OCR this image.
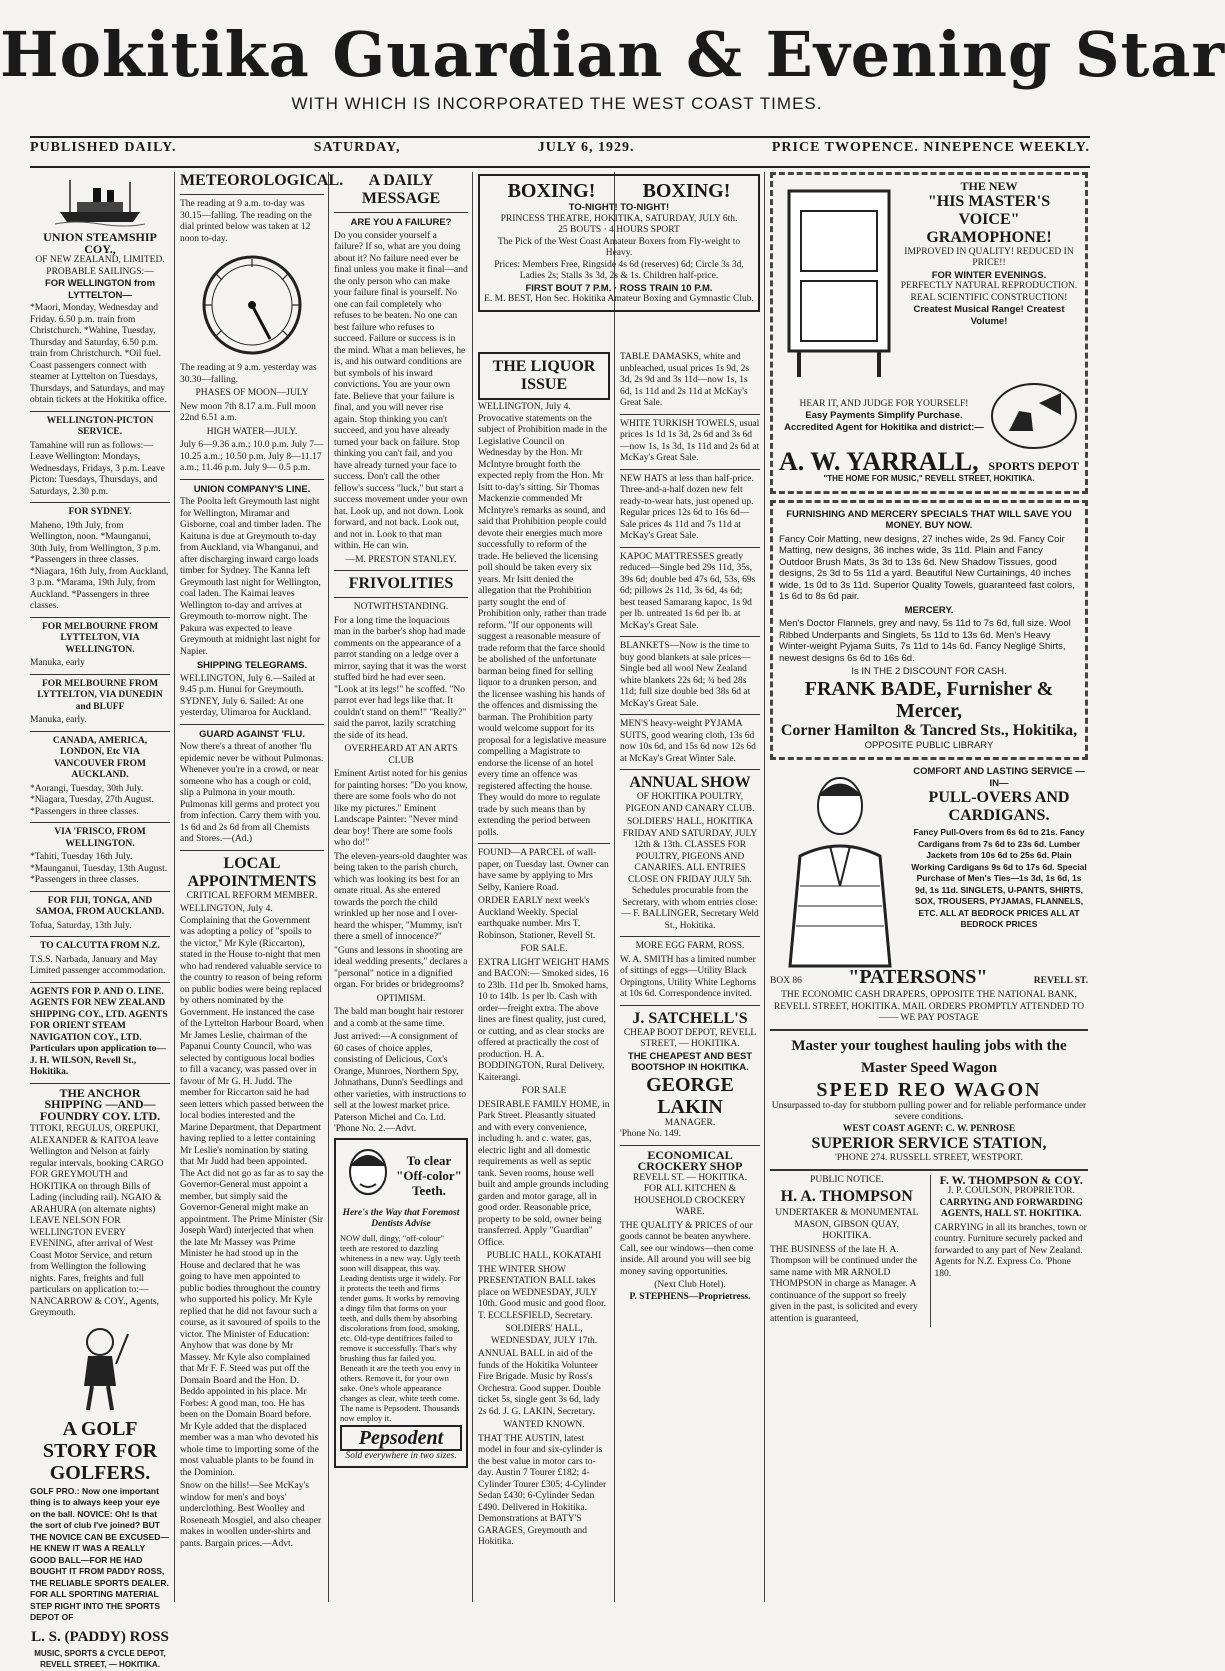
Hokitika Guardian & Evening Star
WITH WHICH IS INCORPORATED THE WEST COAST TIMES.
PUBLISHED DAILY.	SATURDAY,	JULY 6, 1929.	PRICE TWOPENCE. NINEPENCE WEEKLY.
UNION STEAMSHIP COY.,
OF NEW ZEALAND, LIMITED.
PROBABLE SAILINGS:—
FOR WELLINGTON from LYTTELTON—

*Maori, Monday, Wednesday and Friday. 6.50 p.m. train from Christchurch. *Wahine, Tuesday, Thursday and Saturday, 6.50 p.m. train from Christchurch. *Oil fuel. Coast passengers connect with steamer at Lyttelton on Tuesdays, Thursdays, and Saturdays, and may obtain tickets at the Hokitika office.

WELLINGTON-PICTON SERVICE.

Tamahine will run as follows:— Leave Wellington: Mondays, Wednesdays, Fridays, 3 p.m. Leave Picton: Tuesdays, Thursdays, and Saturdays, 2.30 p.m.

FOR SYDNEY.

Maheno, 19th July, from Wellington, noon. *Maunganui, 30th July, from Wellington, 3 p.m. *Passengers in three classes. *Niagara, 16th July, from Auckland, 3 p.m. *Marama, 19th July, from Auckland. *Passengers in three classes.

FOR MELBOURNE FROM LYTTELTON, VIA WELLINGTON.

Manuka, early

FOR MELBOURNE FROM LYTTELTON, VIA DUNEDIN and BLUFF

Manuka, early.

CANADA, AMERICA, LONDON, Etc VIA VANCOUVER FROM AUCKLAND.

*Aorangi, Tuesday, 30th July. *Niagara, Tuesday, 27th August. *Passengers in three classes.

VIA 'FRISCO, FROM WELLINGTON.

*Tahiti, Tuesday 16th July. *Maunganui, Tuesday, 13th August. *Passengers in three classes.

FOR FIJI, TONGA, AND SAMOA, FROM AUCKLAND.

Tofua, Saturday, 13th July.

TO CALCUTTA FROM N.Z.

T.S.S. Narbada, January and May Limited passenger accommodation.

AGENTS FOR P. AND O. LINE. AGENTS FOR NEW ZEALAND SHIPPING COY., LTD. AGENTS FOR ORIENT STEAM NAVIGATION COY., LTD. Particulars upon application to— J. H. WILSON, Revell St., Hokitika.

THE ANCHOR SHIPPING —AND— FOUNDRY COY. LTD.

TITOKI, REGULUS, OREPUKI, ALEXANDER & KAITOA leave Wellington and Nelson at fairly regular intervals, booking CARGO FOR GREYMOUTH and HOKITIKA on through Bills of Lading (including rail). NGAIO & ARAHURA (on alternate nights) LEAVE NELSON FOR WELLINGTON EVERY EVENING, after arrival of West Coast Motor Service, and return from Wellington the following nights. Fares, freights and full particulars on application to:— NANCARROW & COY., Agents, Greymouth.

A GOLF STORY FOR GOLFERS.

GOLF PRO.: Now one important thing is to always keep your eye on the ball. NOVICE: Oh! Is that the sort of club I've joined? BUT THE NOVICE CAN BE EXCUSED—HE KNEW IT WAS A REALLY GOOD BALL—FOR HE HAD BOUGHT IT FROM PADDY ROSS, THE RELIABLE SPORTS DEALER. FOR ALL SPORTING MATERIAL STEP RIGHT INTO THE SPORTS DEPOT OF

L. S. (PADDY) ROSS
MUSIC, SPORTS & CYCLE DEPOT, REVELL STREET, — HOKITIKA.
METEOROLOGICAL.

The reading at 9 a.m. to-day was 30.15—falling. The reading on the dial printed below was taken at 12 noon to-day.

The reading at 9 a.m. yesterday was 30.30—falling.

PHASES OF MOON—JULY

New moon 7th 8.17 a.m. Full moon 22nd 6.51 a.m.

HIGH WATER—JULY.

July 6—9.36 a.m.; 10.0 p.m. July 7—10.25 a.m.; 10.50 p.m. July 8—11.17 a.m.; 11.46 p.m. July 9— 0.5 p.m.

UNION COMPANY'S LINE.

The Poolta left Greymouth last night for Wellington, Miramar and Gisborne, coal and timber laden. The Kaituna is due at Greymouth to-day from Auckland, via Whanganui, and after discharging inward cargo loads timber for Sydney. The Kanna left Greymouth last night for Wellington, coal laden. The Kaimai leaves Wellington to-day and arrives at Greymouth to-morrow night. The Pakura was expected to leave Greymouth at midnight last night for Napier.

SHIPPING TELEGRAMS.

WELLINGTON, July 6.—Sailed at 9.45 p.m. Hunui for Greymouth. SYDNEY, July 6. Sailed: At one yesterday, Ulimaroa for Auckland.

GUARD AGAINST 'FLU.

Now there's a threat of another 'flu epidemic never be without Pulmonas. Whenever you're in a crowd, or near someone who has a cough or cold, slip a Pulmona in your mouth. Pulmonas kill germs and protect you from infection. Carry them with you. 1s 6d and 2s 6d from all Chemists and Stores.—(Ad.)

LOCAL APPOINTMENTS
CRITICAL REFORM MEMBER.

WELLINGTON, July 4. Complaining that the Government was adopting a policy of "spoils to the victor," Mr Kyle (Riccarton), stated in the House to-night that men who had rendered valuable service to the country to reason of being reform on public bodies were being replaced by others nominated by the Government. He instanced the case of the Lyttelton Harbour Board, when Mr James Leslie, chairman of the Papanui County Council, who was selected by contiguous local bodies to fill a vacancy, was passed over in favour of Mr G. H. Judd. The member for Riccarton said he had seen letters which passed between the local bodies interested and the Marine Department, that Department having replied to a letter containing Mr Leslie's nomination by stating that Mr Judd had been appointed. The Act did not go as far as to say the Governor-General must appoint a member, but simply said the Governor-General might make an appointment. The Prime Minister (Sir Joseph Ward) interjected that when the late Mr Massey was Prime Minister he had stood up in the House and declared that he was going to have men appointed to public bodies throughout the country who supported his policy. Mr Kyle replied that he did not favour such a course, as it savoured of spoils to the victor. The Minister of Education: Anyhow that was done by Mr Massey. Mr Kyle also complained that Mr F. F. Steed was put off the Domain Board and the Hon. D. Beddo appointed in his place. Mr Forbes: A good man, too. He has been on the Domain Board before. Mr Kyle added that the displaced member was a man who devoted his whole time to importing some of the most valuable plants to be found in the Dominion.

Snow on the hills!—See McKay's window for men's and boys' underclothing. Best Woolley and Roseneath Mosgiel, and also cheaper makes in woollen under-shirts and pants. Bargain prices.—Advt.

A DAILY MESSAGE
ARE YOU A FAILURE?

Do you consider yourself a failure? If so, what are you doing about it? No failure need ever be final unless you make it final—and the only person who can make your failure final is yourself. No one can fail completely who refuses to be beaten. No one can best failure who refuses to succeed. Failure or success is in the mind. What a man believes, he is, and his outward conditions are but symbols of his inward convictions. You are your own fate. Believe that your failure is final, and you will never rise again. Stop thinking you can't succeed, and you have already turned your back on failure. Stop thinking you can't fail, and you have already turned your face to success. Don't call the other fellow's success "luck," but start a success movement under your own hat. Look up, and not down. Look forward, and not back. Look out, and not in. Look to that man within. He can win.

—M. PRESTON STANLEY.
FRIVOLITIES
NOTWITHSTANDING.

For a long time the loquacious man in the barber's shop had made comments on the appearance of a parrot standing on a ledge over a mirror, saying that it was the worst stuffed bird he had ever seen. "Look at its legs!" he scoffed. "No parrot ever had legs like that. It couldn't stand on them!" "Really?" said the parrot, lazily scratching the side of its head.

OVERHEARD AT AN ARTS CLUB

Eminent Artist noted for his genius for painting horses: "Do you know, there are some fools who do not like my pictures." Eminent Landscape Painter: "Never mind dear boy! There are some fools who do!"

The eleven-years-old daughter was being taken to the parish church, which was looking its best for an ornate ritual. As she entered towards the porch the child wrinkled up her nose and I over-heard the whisper, "Mummy, isn't there a smell of innocence?"

"Guns and lessons in shooting are ideal wedding presents," declares a "personal" notice in a dignified organ. For brides or bridegrooms?

OPTIMISM.

The bald man bought hair restorer and a comb at the same time.

Just arrived:—A consignment of 60 cases of choice apples, consisting of Delicious, Cox's Orange, Munroes, Northern Spy, Johnathans, Dunn's Seedlings and other varieties, with instructions to sell at the lowest market price. Paterson Michel and Co. Ltd. 'Phone No. 2.—Advt.

To clear
"Off-color"
Teeth.
Here's the Way that Foremost Dentists Advise

NOW dull, dingy, "off-colour" teeth are restored to dazzling whiteness in a new way. Ugly teeth soon will disappear, this way. Leading dentists urge it widely. For it protects the teeth and firms tender gums. It works by removing a dingy film that forms on your teeth, and dulls them by absorbing discolorations from food, smoking, etc. Old-type dentifrices failed to remove it successfully. That's why brushing thus far failed you. Beneath it are the teeth you envy in others. Remove it, for your own sake. One's whole appearance changes as clear, white teeth come. The name is Pepsodent. Thousands now employ it.

Pepsodent
Sold everywhere in two sizes.
BOXING! BOXING!
TO-NIGHT! TO-NIGHT!
PRINCESS THEATRE, HOKITIKA, SATURDAY, JULY 6th.
25 BOUTS · 4 HOURS SPORT
The Pick of the West Coast Amateur Boxers from Fly-weight to Heavy.
Prices: Members Free, Ringside 4s 6d (reserves) 6d; Circle 3s 3d, Ladies 2s; Stalls 3s 3d, 2s & 1s. Children half-price.
FIRST BOUT 7 P.M. · ROSS TRAIN 10 P.M.
E. M. BEST, Hon Sec. Hokitika Amateur Boxing and Gymnastic Club.
THE LIQUOR ISSUE

WELLINGTON, July 4. Provocative statements on the subject of Prohibition made in the Legislative Council on Wednesday by the Hon. Mr McIntyre brought forth the expected reply from the Hon. Mr Isitt to-day's sitting. Sir Thomas Mackenzie commended Mr McIntyre's remarks as sound, and said that Prohibition people could devote their energies much more successfully to reform of the trade. He believed the licensing poll should be taken every six years. Mr Isitt denied the allegation that the Prohibition party sought the end of Prohibition only, rather than trade reform. "If our opponents will suggest a reasonable measure of trade reform that the farce should be abolished of the unfortunate barman being fined for selling liquor to a drunken person, and the licensee washing his hands of the offences and dismissing the barman. The Prohibition party would welcome support for its proposal for a legislative measure compelling a Magistrate to endorse the license of an hotel every time an offence was registered affecting the house. They would do more to regulate trade by such means than by extending the period between polls.

FOUND—A PARCEL of wall-paper, on Tuesday last. Owner can have same by applying to Mrs Selby, Kaniere Road.

ORDER EARLY next week's Auckland Weekly. Special earthquake number. Mrs T. Robinson, Stationer, Revell St.

FOR SALE.

EXTRA LIGHT WEIGHT HAMS and BACON:— Smoked sides, 16 to 23lb. 11d per lb. Smoked hams, 10 to 14lb. 1s per lb. Cash with order—freight extra. The above lines are finest quality, just cured, or cutting, and as clear stocks are offered at practically the cost of production. H. A. BODDINGTON, Rural Delivery, Kaiterangi.

FOR SALE

DESIRABLE FAMILY HOME, in Park Street. Pleasantly situated and with every convenience, including h. and c. water, gas, electric light and all domestic requirements as well as septic tank. Seven rooms, house well built and ample grounds including garden and motor garage, all in good order. Reasonable price, property to be sold, owner being transferred. Apply "Guardian" Office.

PUBLIC HALL, KOKATAHI

THE WINTER SHOW PRESENTATION BALL takes place on WEDNESDAY, JULY 10th. Good music and good floor. T. ECCLESFIELD, Secretary.

SOLDIERS' HALL, WEDNESDAY, JULY 17th.

ANNUAL BALL in aid of the funds of the Hokitika Volunteer Fire Brigade. Music by Ross's Orchestra. Good supper. Double ticket 5s, single gent 3s 6d, lady 2s 6d. J. G. LAKIN, Secretary.

WANTED KNOWN.

THAT THE AUSTIN, latest model in four and six-cylinder is the best value in motor cars to-day. Austin 7 Tourer £182; 4-Cylinder Tourer £305; 4-Cylinder Sedan £430; 6-Cylinder Sedan £490. Delivered in Hokitika. Demonstrations at BATY'S GARAGES, Greymouth and Hokitika.

TABLE DAMASKS, white and unbleached, usual prices 1s 9d, 2s 3d, 2s 9d and 3s 11d—now 1s, 1s 6d, 1s 11d and 2s 11d at McKay's Great Sale.

WHITE TURKISH TOWELS, usual prices 1s 1d 1s 3d, 2s 6d and 3s 6d—now 1s, 1s 3d, 1s 11d and 2s 6d at McKay's Great Sale.

NEW HATS at less than half-price. Three-and-a-half dozen new felt ready-to-wear hats, just opened up. Regular prices 12s 6d to 16s 6d—Sale prices 4s 11d and 7s 11d at McKay's Great Sale.

KAPOC MATTRESSES greatly reduced—Single bed 29s 11d, 35s, 39s 6d; double bed 47s 6d, 53s, 69s 6d; pillows 2s 11d, 3s 6d, 4s 6d; best teased Samarang kapoc, 1s 9d per lb. untreated 1s 6d per lb. at McKay's Great Sale.

BLANKETS—Now is the time to buy good blankets at sale prices—Single bed all wool New Zealand white blankets 22s 6d; ¾ bed 28s 11d; full size double bed 38s 6d at McKay's Great Sale.

MEN'S heavy-weight PYJAMA SUITS, good wearing cloth, 13s 6d now 10s 6d, and 15s 6d now 12s 6d at McKay's Great Winter Sale.

ANNUAL SHOW
OF HOKITIKA POULTRY, PIGEON AND CANARY CLUB.

SOLDIERS' HALL, HOKITIKA FRIDAY AND SATURDAY, JULY 12th & 13th. CLASSES FOR POULTRY, PIGEONS AND CANARIES. ALL ENTRIES CLOSE ON FRIDAY JULY 5th. Schedules procurable from the Secretary, with whom entries close:— F. BALLINGER, Secretary Weld St., Hokitika.

MORE EGG FARM, ROSS.

W. A. SMITH has a limited number of sittings of eggs—Utility Black Orpingtons, Utility White Leghorns at 10s 6d. Correspondence invited.

J. SATCHELL'S
CHEAP BOOT DEPOT, REVELL STREET, — HOKITIKA.
THE CHEAPEST AND BEST BOOTSHOP IN HOKITIKA.
GEORGE LAKIN
MANAGER.
'Phone No. 149.
ECONOMICAL CROCKERY SHOP
REVELL ST. — HOKITIKA.
FOR ALL KITCHEN & HOUSEHOLD CROCKERY WARE.

THE QUALITY & PRICES of our goods cannot be beaten anywhere. Call, see our windows—then come inside. All around you will see big money saving opportunities.

(Next Club Hotel).
P. STEPHENS—Proprietress.
THE NEW
"HIS MASTER'S VOICE"
GRAMOPHONE!
IMPROVED IN QUALITY! REDUCED IN PRICE!!
FOR WINTER EVENINGS.
PERFECTLY NATURAL REPRODUCTION. REAL SCIENTIFIC CONSTRUCTION!
Createst Musical Range! Createst Volume!
HEAR IT, AND JUDGE FOR YOURSELF!
Easy Payments Simplify Purchase.
Accredited Agent for Hokitika and district:—
A. W. YARRALL, SPORTS DEPOT
"THE HOME FOR MUSIC," REVELL STREET, HOKITIKA.
FURNISHING AND MERCERY SPECIALS THAT WILL SAVE YOU MONEY. BUY NOW.

Fancy Coir Matting, new designs, 27 inches wide, 2s 9d. Fancy Coir Matting, new designs, 36 inches wide, 3s 11d. Plain and Fancy Outdoor Brush Mats, 3s 3d to 13s 6d. New Shadow Tissues, good designs, 2s 3d to 5s 11d a yard. Beautiful New Curtainings, 40 inches wide, 1s 0d to 3s 11d. Superior Quality Towels, guaranteed fast colors, 1s 6d to 8s 6d pair.

MERCERY.

Men's Doctor Flannels, grey and navy, 5s 11d to 7s 6d, full size. Wool Ribbed Underpants and Singlets, 5s 11d to 13s 6d. Men's Heavy Winter-weight Pyjama Suits, 7s 11d to 14s 6d. Fancy Negligé Shirts, newest designs 6s 6d to 16s 6d.

Is IN THE 2 DISCOUNT FOR CASH.
FRANK BADE, Furnisher & Mercer,
Corner Hamilton & Tancred Sts., Hokitika,
OPPOSITE PUBLIC LIBRARY
COMFORT AND LASTING SERVICE —IN—
PULL-OVERS AND CARDIGANS.

Fancy Pull-Overs from 6s 6d to 21s. Fancy Cardigans from 7s 6d to 23s 6d. Lumber Jackets from 10s 6d to 25s 6d. Plain Working Cardigans 9s 6d to 17s 6d. Special Purchase of Men's Ties—1s 3d, 1s 6d, 1s 9d, 1s 11d. SINGLETS, U-PANTS, SHIRTS, SOX, TROUSERS, PYJAMAS, FLANNELS, ETC. ALL AT BEDROCK PRICES ALL AT BEDROCK PRICES

BOX 86 "PATERSONS"	REVELL ST.

THE ECONOMIC CASH DRAPERS, OPPOSITE THE NATIONAL BANK, REVELL STREET, HOKITIKA. MAIL ORDERS PROMPTLY ATTENDED TO —— WE PAY POSTAGE

Master your toughest hauling jobs with the Master Speed Wagon
SPEED REO WAGON
Unsurpassed to-day for stubborn pulling power and for reliable performance under severe conditions.
WEST COAST AGENT: C. W. PENROSE
SUPERIOR SERVICE STATION,
'PHONE 274. RUSSELL STREET, WESTPORT.
PUBLIC NOTICE.
H. A. THOMPSON
UNDERTAKER & MONUMENTAL MASON, GIBSON QUAY, HOKITIKA.

THE BUSINESS of the late H. A. Thompson will be continued under the same name with MR ARNOLD THOMPSON in charge as Manager. A continuance of the support so freely given in the past, is solicited and every attention is guaranteed,

F. W. THOMPSON & COY.
J. P. COULSON, PROPRIETOR.
CARRYING AND FORWARDING AGENTS, HALL ST. HOKITIKA.

CARRYING in all its branches, town or country. Furniture securely packed and forwarded to any part of New Zealand. Agents for N.Z. Express Co. 'Phone 180.
